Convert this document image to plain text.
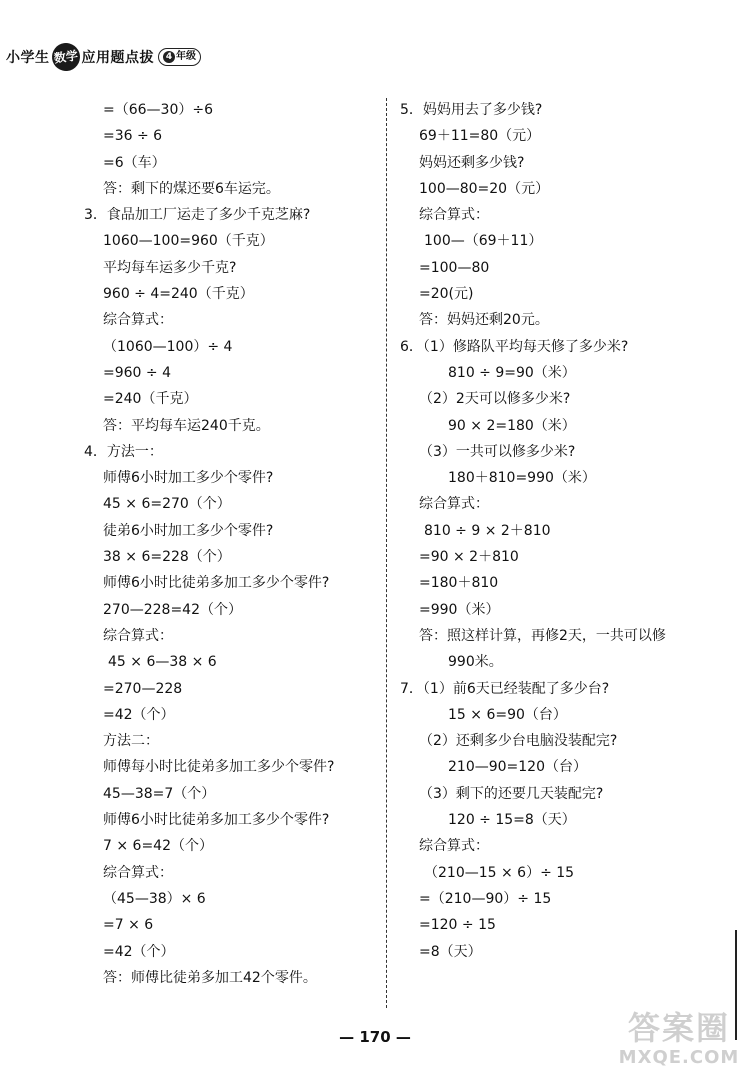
小学生 数学 应用题点拔	4 年级
=（66—30）÷6
=36 ÷ 6
=6（车）
答：剩下的煤还要6车运完。
3．食品加工厂运走了多少千克芝麻?
1060—100=960（千克）
平均每车运多少千克?
960 ÷ 4=240（千克）
综合算式：
（1060—100）÷ 4
=960 ÷ 4
=240（千克）
答：平均每车运240千克。
4．方法一：
师傅6小时加工多少个零件?
45 × 6=270（个）
徒弟6小时加工多少个零件?
38 × 6=228（个）
师傅6小时比徒弟多加工多少个零件?
270—228=42（个）
综合算式：
45 × 6—38 × 6
=270—228
=42（个）
方法二：
师傅每小时比徒弟多加工多少个零件?
45—38=7（个）
师傅6小时比徒弟多加工多少个零件?
7 × 6=42（个）
综合算式：
（45—38）× 6
=7 × 6
=42（个）
答：师傅比徒弟多加工42个零件。
5．妈妈用去了多少钱?
69＋11=80（元）
妈妈还剩多少钱?
100—80=20（元）
综合算式：
100—（69＋11）
=100—80
=20(元)
答：妈妈还剩20元。
6．（1）修路队平均每天修了多少米?
810 ÷ 9=90（米）
（2）2天可以修多少米?
90 × 2=180（米）
（3）一共可以修多少米?
180＋810=990（米）
综合算式：
810 ÷ 9 × 2＋810
=90 × 2＋810
=180＋810
=990（米）
答：照这样计算，再修2天，一共可以修
990米。
7．（1）前6天已经装配了多少台?
15 × 6=90（台）
（2）还剩多少台电脑没装配完?
210—90=120（台）
（3）剩下的还要几天装配完?
120 ÷ 15=8（天）
综合算式：
（210—15 × 6）÷ 15
=（210—90）÷ 15
=120 ÷ 15
=8（天）
— 170 —	答案圈
MXQE.COM
